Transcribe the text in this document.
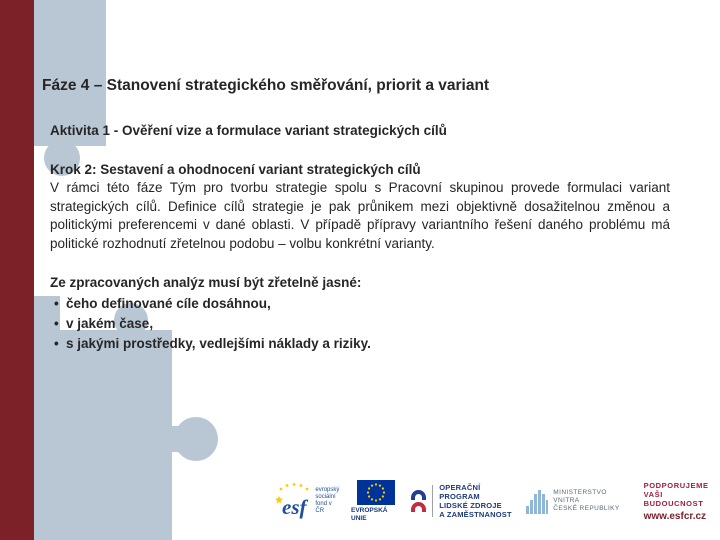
Fáze 4 – Stanovení strategického směřování, priorit a variant
Aktivita 1 - Ověření vize a formulace variant strategických cílů
Krok 2: Sestavení a ohodnocení variant strategických cílů

V rámci této fáze Tým pro tvorbu strategie spolu s Pracovní skupinou provede formulaci variant strategických cílů. Definice cílů strategie je pak průnikem mezi objektivně dosažitelnou změnou a politickými preferencemi v dané oblasti. V případě přípravy variantního řešení daného problému má politické rozhodnutí zřetelnou podobu – volbu konkrétní varianty.

Ze zpracovaných analýz musí být zřetelně jasné:

• čeho definované cíle dosáhnou,
• v jakém čase,
• s jakými prostředky, vedlejšími náklady a riziky.
esf
evropský
sociální
fond v ČR	EVROPSKÁ UNIE
OPERAČNÍ PROGRAM
LIDSKÉ ZDROJE
A ZAMĚSTNANOST
MINISTERSTVO VNITRA
ČESKÉ REPUBLIKY
PODPORUJEME
VAŠI BUDOUCNOST
www.esfcr.cz
